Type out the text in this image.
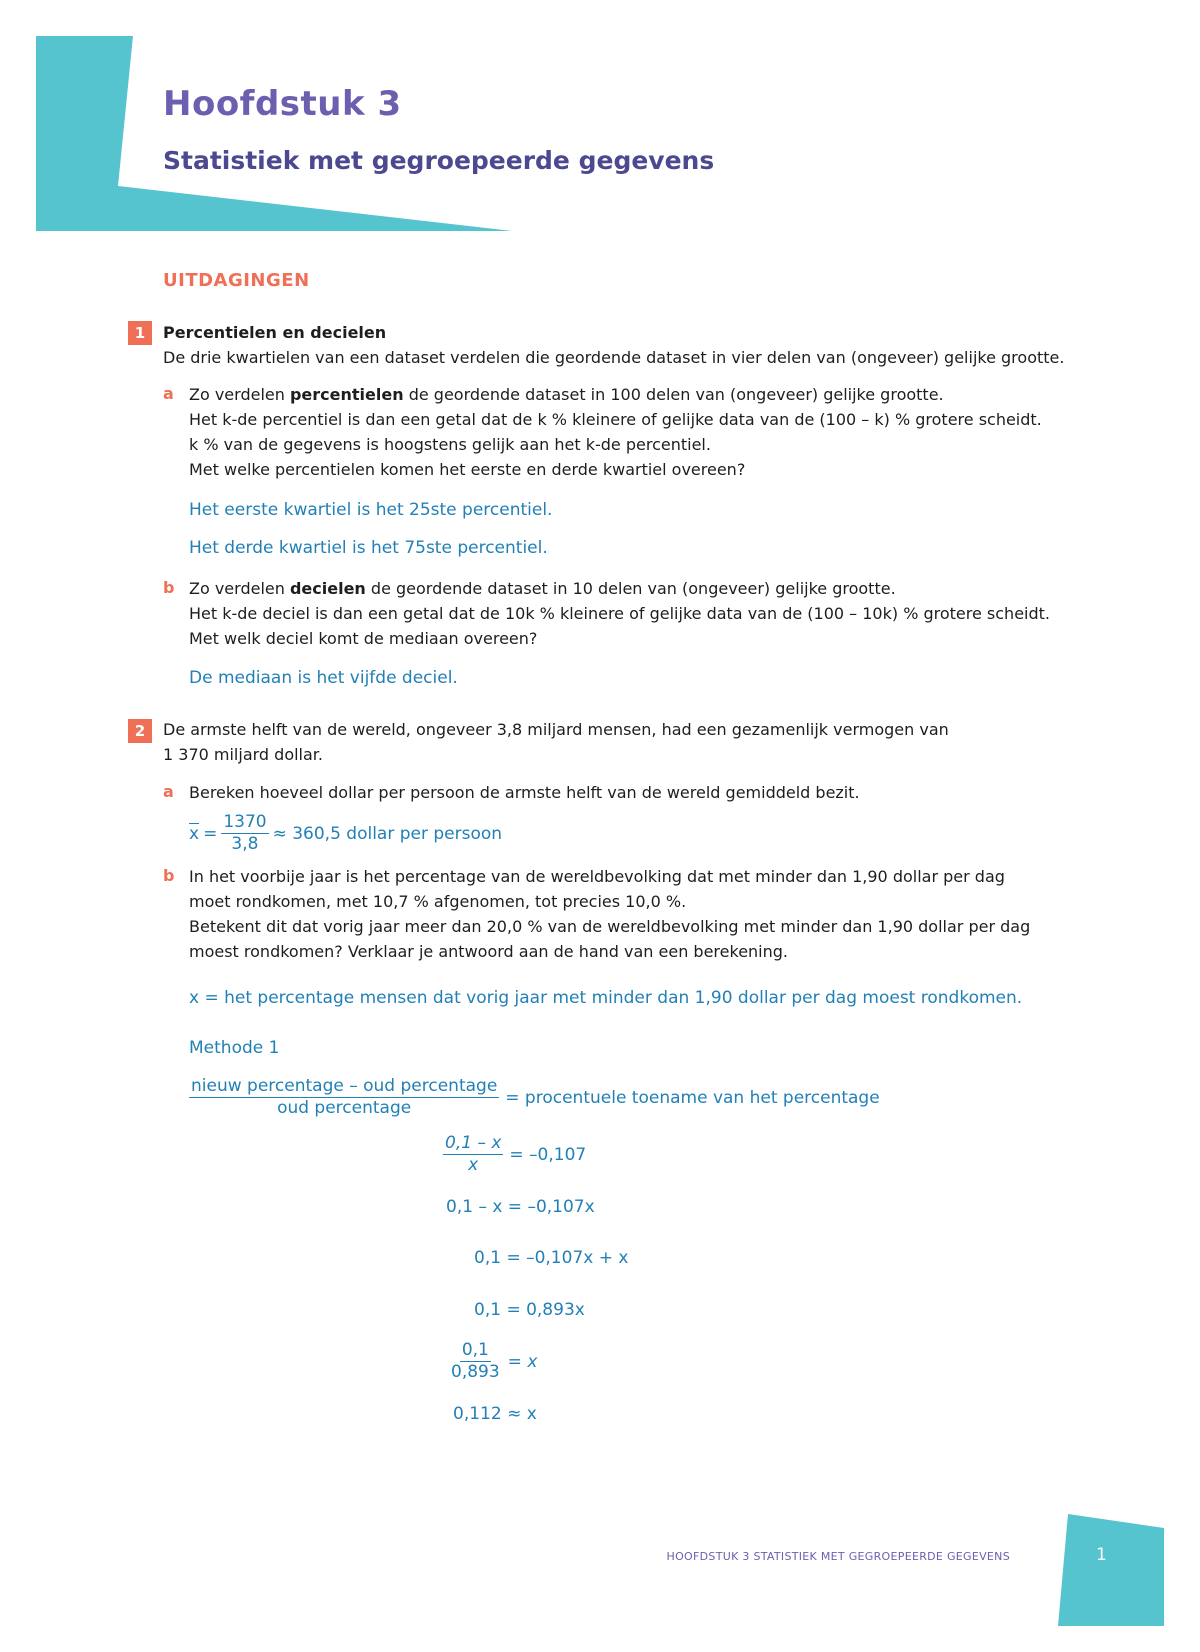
Hoofdstuk 3
Statistiek met gegroepeerde gegevens
UITDAGINGEN
1	Percentielen en decielen
De drie kwartielen van een dataset verdelen die geordende dataset in vier delen van (ongeveer) gelijke grootte.
a Zo verdelen percentielen de geordende dataset in 100 delen van (ongeveer) gelijke grootte.
Het k-de percentiel is dan een getal dat de k % kleinere of gelijke data van de (100 – k) % grotere scheidt.
k % van de gegevens is hoogstens gelijk aan het k-de percentiel.
Met welke percentielen komen het eerste en derde kwartiel overeen?
Het eerste kwartiel is het 25ste percentiel.
Het derde kwartiel is het 75ste percentiel.
b Zo verdelen decielen de geordende dataset in 10 delen van (ongeveer) gelijke grootte.
Het k-de deciel is dan een getal dat de 10k % kleinere of gelijke data van de (100 – 10k) % grotere scheidt.
Met welk deciel komt de mediaan overeen?
De mediaan is het vijfde deciel.
2	De armste helft van de wereld, ongeveer 3,8 miljard mensen, had een gezamenlijk vermogen van
1 370 miljard dollar.
a Bereken hoeveel dollar per persoon de armste helft van de wereld gemiddeld bezit.
$\overline{x} = \frac{1370}{3,8} \approx 360,5$ dollar per persoon
b In het voorbije jaar is het percentage van de wereldbevolking dat met minder dan 1,90 dollar per dag
moet rondkomen, met 10,7 % afgenomen, tot precies 10,0 %.
Betekent dit dat vorig jaar meer dan 20,0 % van de wereldbevolking met minder dan 1,90 dollar per dag
moest rondkomen? Verklaar je antwoord aan de hand van een berekening.
x = het percentage mensen dat vorig jaar met minder dan 1,90 dollar per dag moest rondkomen.
Methode 1
$\frac{\text{nieuw percentage – oud percentage}}{\text{oud percentage}}$ = procentuele toename van het percentage
$\frac{0,1 - x}{x} = -0,107$
0,1 – x = –0,107x
0,1 = –0,107x + x
0,1 = 0,893x
$\frac{0,1}{0,893} = x$
0,112 ≈ x
HOOFDSTUK 3 STATISTIEK MET GEGROEPEERDE GEGEVENS	1
